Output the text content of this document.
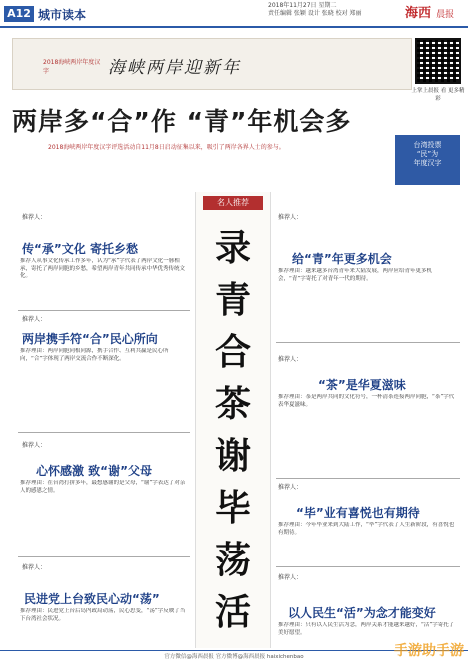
A12 城市读本
2018年11月27日 星期二
责任编辑 张颖 设计 张晓 校对 郑丽	海西 晨报
2018海峡两岸年度汉字	海峡两岸迎新年
上掌上晨报 看 更多精彩
两岸多“合”作 “青”年机会多
2018海峡两岸年度汉字评选活动自11月8日启动征集以来，吸引了两岸各界人士的参与。	台湾投票
“民”为
年度汉字
名人推荐
录
青
合
茶
谢
毕
荡
活
推荐人：
传“承”文化 寄托乡愁
推荐人从事文化传承工作多年，认为“承”字代表了两岸文化一脉相承，寄托了两岸同胞的乡愁，希望两岸青年共同传承中华优秀传统文化。
推荐人：
两岸携手符“合”民心所向
推荐理由：两岸同胞同根同源，携手合作、互利共赢是民心所向，“合”字体现了两岸交流合作不断深化。
推荐人：
心怀感激 致“谢”父母
推荐理由：在台湾打拼多年，最想感谢的是父母，“谢”字表达了对亲人的感恩之情。
推荐人：
民进党上台致民心动“荡”
推荐理由：民进党上台后岛内政局动荡，民心思变，“荡”字反映了当下台湾社会状况。
推荐人：
给“青”年更多机会
推荐理由：越来越多台湾青年来大陆发展，两岸应给青年更多机会，“青”字寄托了对青年一代的期待。
推荐人：
“茶”是华夏滋味
推荐理由：茶是两岸共同的文化符号，一杯清茶连接两岸同胞，“茶”字代表华夏滋味。
推荐人：
“毕”业有喜悦也有期待
推荐理由：今年毕业来到大陆工作，“毕”字代表了人生新阶段，有喜悦也有期待。
推荐人：
以人民生“活”为念才能变好
推荐理由：只有以人民生活为念，两岸关系才能越来越好，“活”字寄托了美好愿望。
官方微信@海西晨报 官方微博@海西晨报 haixichenbao	手游助手游
